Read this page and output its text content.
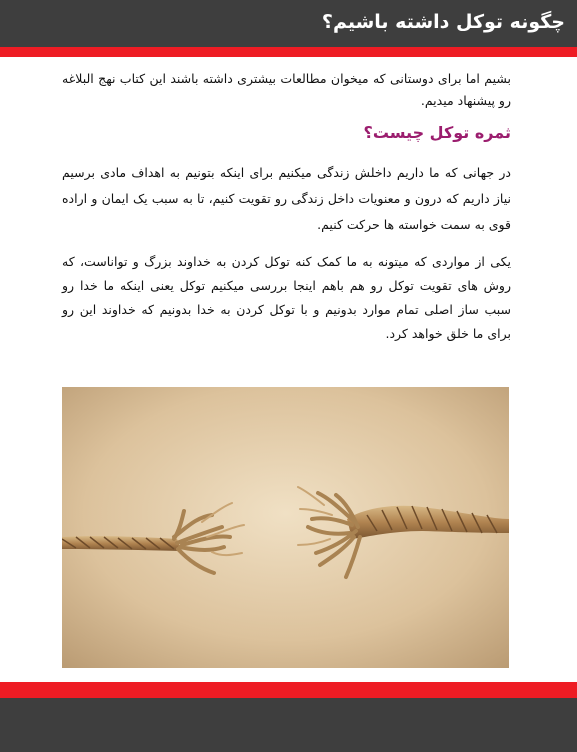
چگونه توکل داشته باشیم؟

بشیم اما برای دوستانی که میخوان مطالعات بیشتری داشته باشند این کتاب نهج البلاغه رو پیشنهاد میدیم.

ثمره توکل چیست؟

در جهانی که ما داریم داخلش زندگی میکنیم برای اینکه بتونیم به اهداف مادی برسیم نیاز داریم که درون و معنویات داخل زندگی رو تقویت کنیم، تا به سبب یک ایمان و اراده قوی به سمت خواسته ها حرکت کنیم.

یکی از مواردی که میتونه به ما کمک کنه توکل کردن به خداوند بزرگ و تواناست، که روش های تقویت توکل رو هم باهم اینجا بررسی میکنیم توکل یعنی اینکه ما خدا رو سبب ساز اصلی تمام موارد بدونیم و با توکل کردن به خدا بدونیم که خداوند این رو برای ما خلق خواهد کرد.
